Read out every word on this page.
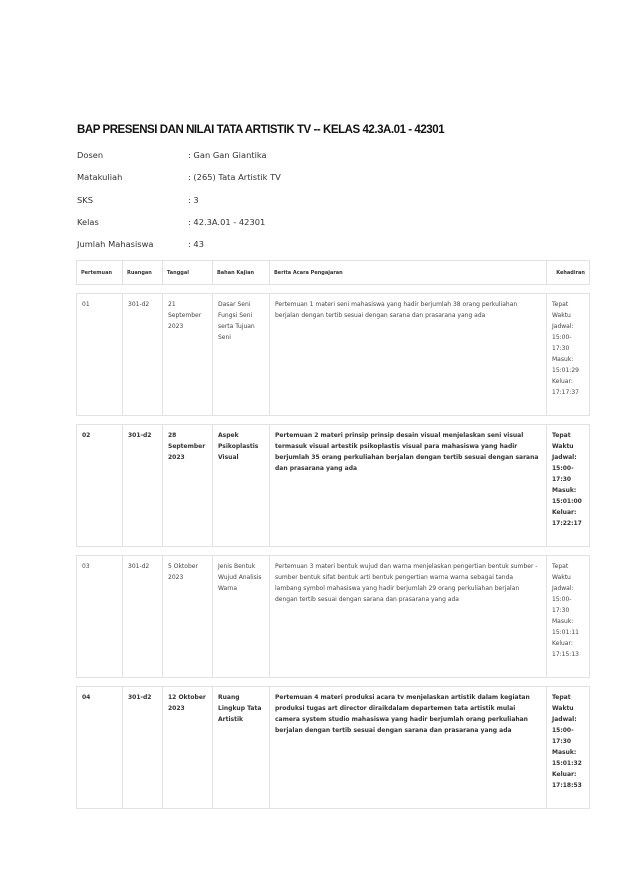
BAP PRESENSI DAN NILAI TATA ARTISTIK TV -- KELAS 42.3A.01 - 42301
Dosen	: Gan Gan Giantika
Matakuliah	: (265) Tata Artistik TV
SKS	: 3
Kelas	: 42.3A.01 - 42301
Jumlah Mahasiswa	: 43
Pertemuan	Ruangan	Tanggal	Bahan Kajian	Berita Acara Pengajaran	Kehadiran

01	301-d2	21 September 2023	Dasar Seni Fungsi Seni serta Tujuan Seni	Pertemuan 1 materi seni mahasiswa yang hadir berjumlah 38 orang perkuliahan berjalan dengan tertib sesuai dengan sarana dan prasarana yang ada	Tepat Waktu Jadwal: 15:00-17:30 Masuk: 15:01:29 Keluar: 17:17:37

02	301-d2	28 September 2023	Aspek Psikoplastis Visual	Pertemuan 2 materi prinsip prinsip desain visual menjelaskan seni visual termasuk visual artestik psikoplastis visual para mahasiswa yang hadir berjumlah 35 orang perkuliahan berjalan dengan tertib sesuai dengan sarana dan prasarana yang ada	Tepat Waktu Jadwal: 15:00-17:30 Masuk: 15:01:00 Keluar: 17:22:17

03	301-d2	5 Oktober 2023	Jenis Bentuk Wujud Analisis Warna	Pertemuan 3 materi bentuk wujud dan warna menjelaskan pengertian bentuk sumber - sumber bentuk sifat bentuk arti bentuk pengertian warna warna sebagai tanda lambang symbol mahasiswa yang hadir berjumlah 29 orang perkuliahan berjalan dengan tertib sesuai dengan sarana dan prasarana yang ada	Tepat Waktu Jadwal: 15:00-17:30 Masuk: 15:01:11 Keluar: 17:15:13

04	301-d2	12 Oktober 2023	Ruang Lingkup Tata Artistik	Pertemuan 4 materi produksi acara tv menjelaskan artistik dalam kegiatan produksi tugas art director diraikdalam departemen tata artistik mulai camera system studio mahasiswa yang hadir berjumlah orang perkuliahan berjalan dengan tertib sesuai dengan sarana dan prasarana yang ada	Tepat Waktu Jadwal: 15:00-17:30 Masuk: 15:01:32 Keluar: 17:18:53
